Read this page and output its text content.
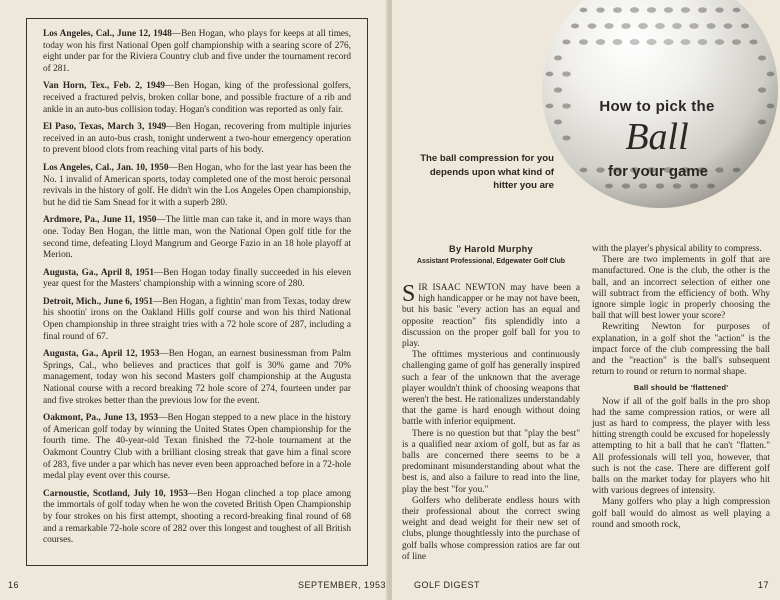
Los Angeles, Cal., June 12, 1948—Ben Hogan, who plays for keeps at all times, today won his first National Open golf championship with a searing score of 276, eight under par for the Riviera Country club and five under the tournament record of 281.

Van Horn, Tex., Feb. 2, 1949—Ben Hogan, king of the professional golfers, received a fractured pelvis, broken collar bone, and possible fracture of a rib and ankle in an auto-bus collision today. Hogan's condition was reported as only fair.

El Paso, Texas, March 3, 1949—Ben Hogan, recovering from multiple injuries received in an auto-bus crash, tonight underwent a two-hour emergency operation to prevent blood clots from reaching vital parts of his body.

Los Angeles, Cal., Jan. 10, 1950—Ben Hogan, who for the last year has been the No. 1 invalid of American sports, today completed one of the most heroic personal revivals in the history of golf. He didn't win the Los Angeles Open championship, but he did tie Sam Snead for it with a superb 280.

Ardmore, Pa., June 11, 1950—The little man can take it, and in more ways than one. Today Ben Hogan, the little man, won the National Open golf title for the second time, defeating Lloyd Mangrum and George Fazio in an 18 hole playoff at Merion.

Augusta, Ga., April 8, 1951—Ben Hogan today finally succeeded in his eleven year quest for the Masters' championship with a winning score of 280.

Detroit, Mich., June 6, 1951—Ben Hogan, a fightin' man from Texas, today drew his shootin' irons on the Oakland Hills golf course and won his third National Open championship in three straight tries with a 72 hole score of 287, including a final round of 67.

Augusta, Ga., April 12, 1953—Ben Hogan, an earnest businessman from Palm Springs, Cal., who believes and practices that golf is 30% game and 70% management, today won his second Masters golf championship at the Augusta National course with a record breaking 72 hole score of 274, fourteen under par and five strokes better than the previous low for the event.

Oakmont, Pa., June 13, 1953—Ben Hogan stepped to a new place in the history of American golf today by winning the United States Open championship for the fourth time. The 40-year-old Texan finished the 72-hole tournament at the Oakmont Country Club with a brilliant closing streak that gave him a final score of 283, five under a par which has never even been approached before in a 72-hole medal play event over this course.

Carnoustie, Scotland, July 10, 1953—Ben Hogan clinched a top place among the immortals of golf today when he won the coveted British Open Championship by four strokes on his first attempt, shooting a record-breaking final round of 68 and a remarkable 72-hole score of 282 over this longest and toughest of all British courses.

16	SEPTEMBER, 1953
How to pick the
Ball
for your game
The ball compression for you depends upon what kind of hitter you are
By Harold Murphy
Assistant Professional, Edgewater Golf Club

SIR ISAAC NEWTON may have been a high handicapper or he may not have been, but his basic "every action has an equal and opposite reaction" fits splendidly into a discussion on the proper golf ball for you to play.

The ofttimes mysterious and continuously challenging game of golf has generally inspired such a fear of the unknown that the average player wouldn't think of choosing weapons that weren't the best. He rationalizes understandably that the game is hard enough without doing battle with inferior equipment.

There is no question but that "play the best" is a qualified near axiom of golf, but as far as balls are concerned there seems to be a predominant misunderstanding about what the best is, and also a failure to read into the line, play the best "for you."

Golfers who deliberate endless hours with their professional about the correct swing weight and dead weight for their new set of clubs, plunge thoughtlessly into the purchase of golf balls whose compression ratios are far out of line

with the player's physical ability to compress.

There are two implements in golf that are manufactured. One is the club, the other is the ball, and an incorrect selection of either one will subtract from the efficiency of both. Why ignore simple logic in properly choosing the ball that will best lower your score?

Rewriting Newton for purposes of explanation, in a golf shot the "action" is the impact force of the club compressing the ball and the "reaction" is the ball's subsequent return to round or return to normal shape.

Ball should be 'flattened'

Now if all of the golf balls in the pro shop had the same compression ratios, or were all just as hard to compress, the player with less hitting strength could be excused for hopelessly attempting to hit a ball that he can't "flatten." All professionals will tell you, however, that such is not the case. There are different golf balls on the market today for players who hit with various degrees of intensity.

Many golfers who play a high compression golf ball would do almost as well playing a round and smooth rock,

GOLF DIGEST	17
